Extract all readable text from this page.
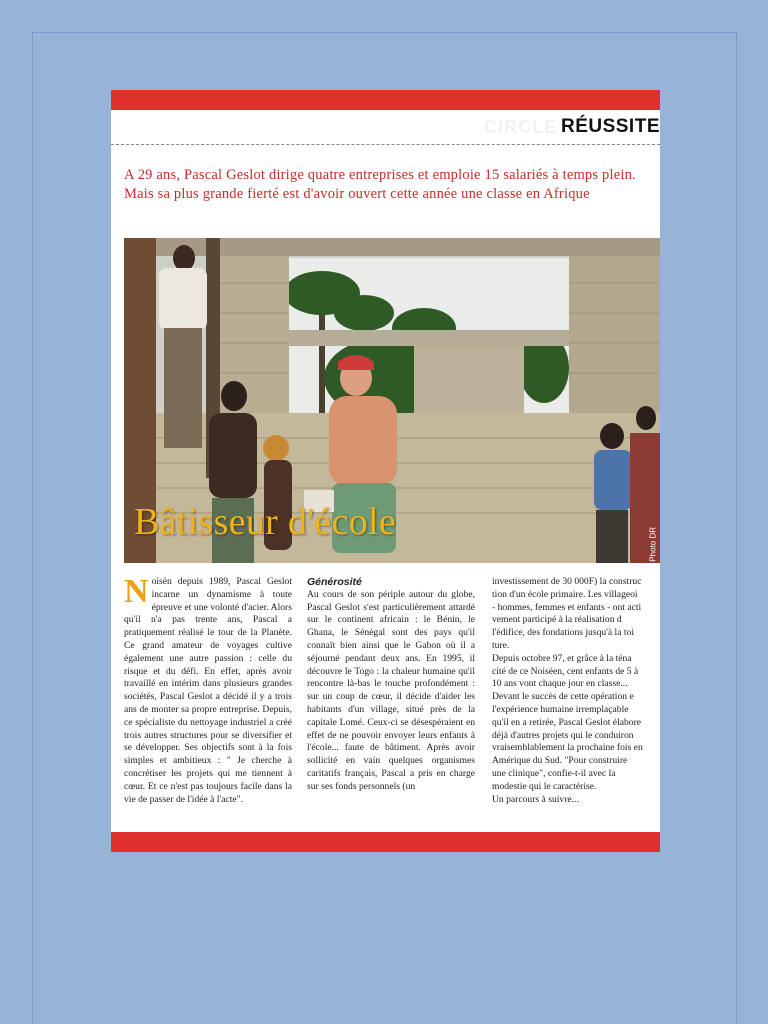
CIRCLE RÉUSSITE

A 29 ans, Pascal Geslot dirige quatre entreprises et emploie 15 salariés à temps plein. Mais sa plus grande fierté est d'avoir ouvert cette année une classe en Afrique

Bâtisseur d'école
Photo DR
N oisën depuis 1989, Pascal Geslot incarne un dynamisme à toute épreuve et une volonté d'acier. Alors qu'il n'a pas trente ans, Pascal a pratiquement réalisé le tour de la Planète. Ce grand amateur de voyages cultive également une autre passion : celle du risque et du défi. En effet, après avoir travaillé en intérim dans plusieurs grandes sociétés, Pascal Geslot a décidé il y a trois ans de monter sa propre entreprise. Depuis, ce spécialiste du nettoyage industriel a créé trois autres structures pour se diversifier et se développer. Ses objectifs sont à la fois simples et ambitieux : " Je cherche à concrétiser les projets qui me tiennent à cœur. Et ce n'est pas toujours facile dans la vie de passer de l'idée à l'acte".

Générosité

Au cours de son périple autour du globe, Pascal Geslot s'est particulièrement attardé sur le continent africain : le Bénin, le Ghana, le Sénégal sont des pays qu'il connaît bien ainsi que le Gabon où il a séjourné pendant deux ans. En 1995, il découvre le Togo : la chaleur humaine qu'il rencontre là-bas le touche profondément : sur un coup de cœur, il décide d'aider les habitants d'un village, situé près de la capitale Lomé. Ceux-ci se désespéraient en effet de ne pouvoir envoyer leurs enfants à l'école... faute de bâtiment. Après avoir sollicité en vain quelques organismes caritatifs français, Pascal a pris en charge sur ses fonds personnels (un

investissement de 30 000F) la construc

tion d'un école primaire. Les villageoi

- hommes, femmes et enfants - ont acti

vement participé à la réalisation d

l'édifice, des fondations jusqu'à la toi

ture.

Depuis octobre 97, et grâce à la téna

cité de ce Noiséen, cent enfants de 5 à

10 ans vont chaque jour en classe...

Devant le succès de cette opération e

l'expérience humaine irremplaçable

qu'il en a retirée, Pascal Geslot élabore

déjà d'autres projets qui le conduiron

vraisemblablement la prochaine fois en

Amérique du Sud. "Pour construire

une clinique", confie-t-il avec la

modestie qui le caractérise.

Un parcours à suivre...
